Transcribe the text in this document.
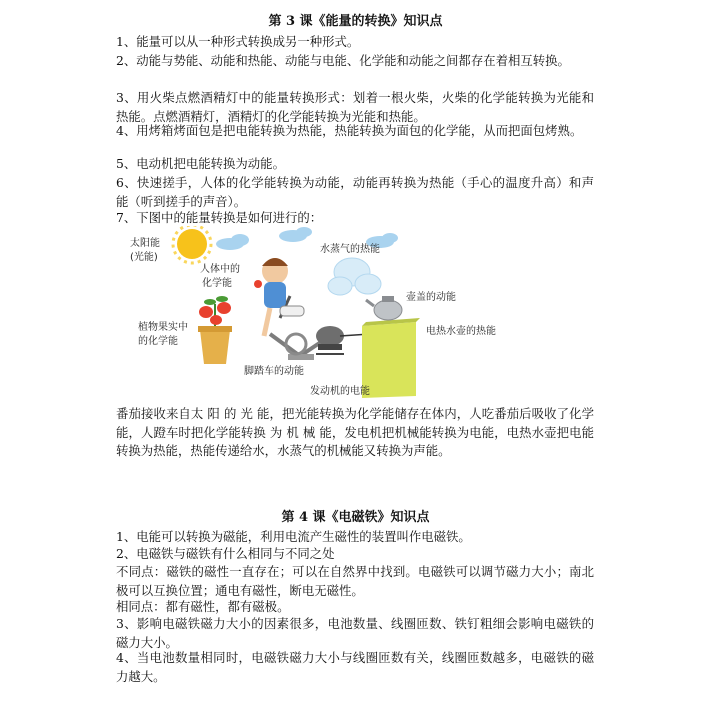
第 3 课《能量的转换》知识点

1、能量可以从一种形式转换成另一种形式。

2、动能与势能、动能和热能、动能与电能、化学能和动能之间都存在着相互转换。

3、用火柴点燃酒精灯中的能量转换形式：划着一根火柴，火柴的化学能转换为光能和热能。点燃酒精灯，酒精灯的化学能转换为光能和热能。

4、用烤箱烤面包是把电能转换为热能，热能转换为面包的化学能，从而把面包烤熟。

5、电动机把电能转换为动能。

6、快速搓手，人体的化学能转换为动能，动能再转换为热能（手心的温度升高）和声能（听到搓手的声音）。

7、下图中的能量转换是如何进行的：

太阳能
(光能)
人体中的
化学能
水蒸气的热能
壶盖的动能
电热水壶的热能
植物果实中
的化学能
脚踏车的动能
发动机的电能

番茄接收来自太 阳 的 光 能，把光能转换为化学能储存在体内，人吃番茄后吸收了化学能，人蹬车时把化学能转换 为 机 械 能，发电机把机械能转换为电能，电热水壶把电能转换为热能，热能传递给水，水蒸气的机械能又转换为声能。

第 4 课《电磁铁》知识点

1、电能可以转换为磁能，利用电流产生磁性的装置叫作电磁铁。

2、电磁铁与磁铁有什么相同与不同之处

不同点：磁铁的磁性一直存在；可以在自然界中找到。电磁铁可以调节磁力大小；南北极可以互换位置；通电有磁性，断电无磁性。

相同点：都有磁性，都有磁极。

3、影响电磁铁磁力大小的因素很多，电池数量、线圈匝数、铁钉粗细会影响电磁铁的磁力大小。

4、当电池数量相同时，电磁铁磁力大小与线圈匝数有关，线圈匝数越多，电磁铁的磁力越大。
